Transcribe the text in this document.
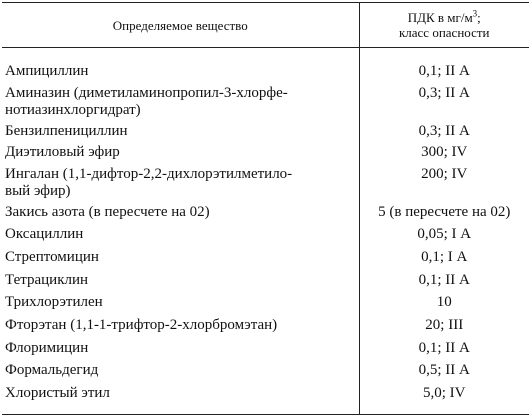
Определяемое вещество	ПДК в $мг/м^3$;
класс опасности

Ампициллин	0,1; II А
Аминазин (диметиламинопропил-3-хлорфе-
нотиазинхлоргидрат)	0,3; II А
Бензилпенициллин	0,3; II А
Диэтиловый эфир	300; IV
Ингалан (1,1-дифтор-2,2-дихлорэтилметило-
вый эфир)	200; IV
Закись азота (в пересчете на 02)	5 (в пересчете на 02)
Оксациллин	0,05; I А
Стрептомицин	0,1; I А
Тетрациклин	0,1; II А
Трихлорэтилен	10
Фторэтан (1,1-1-трифтор-2-хлорбромэтан)	20; III
Флоримицин	0,1; II А
Формальдегид	0,5; II А
Хлористый этил	5,0; IV
